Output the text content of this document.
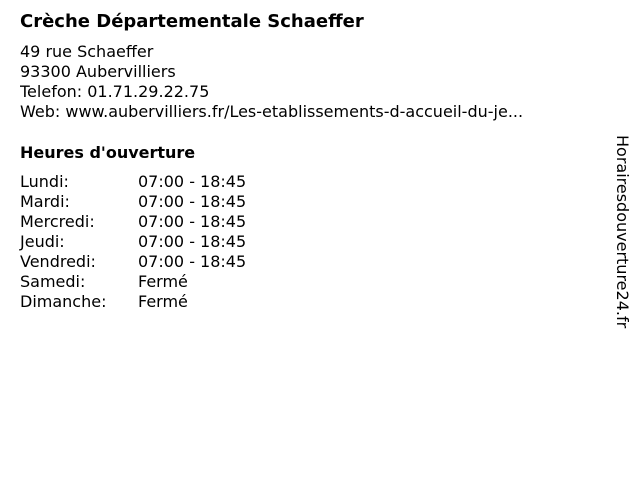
Crèche Départementale Schaeffer
49 rue Schaeffer
93300 Aubervilliers
Telefon: 01.71.29.22.75
Web: www.aubervilliers.fr/Les-etablissements-d-accueil-du-je...
Heures d'ouverture
Lundi:	07:00 - 18:45
Mardi:	07:00 - 18:45
Mercredi:	07:00 - 18:45
Jeudi:	07:00 - 18:45
Vendredi:	07:00 - 18:45
Samedi:	Fermé
Dimanche:	Fermé	Horairesdouverture24.fr
